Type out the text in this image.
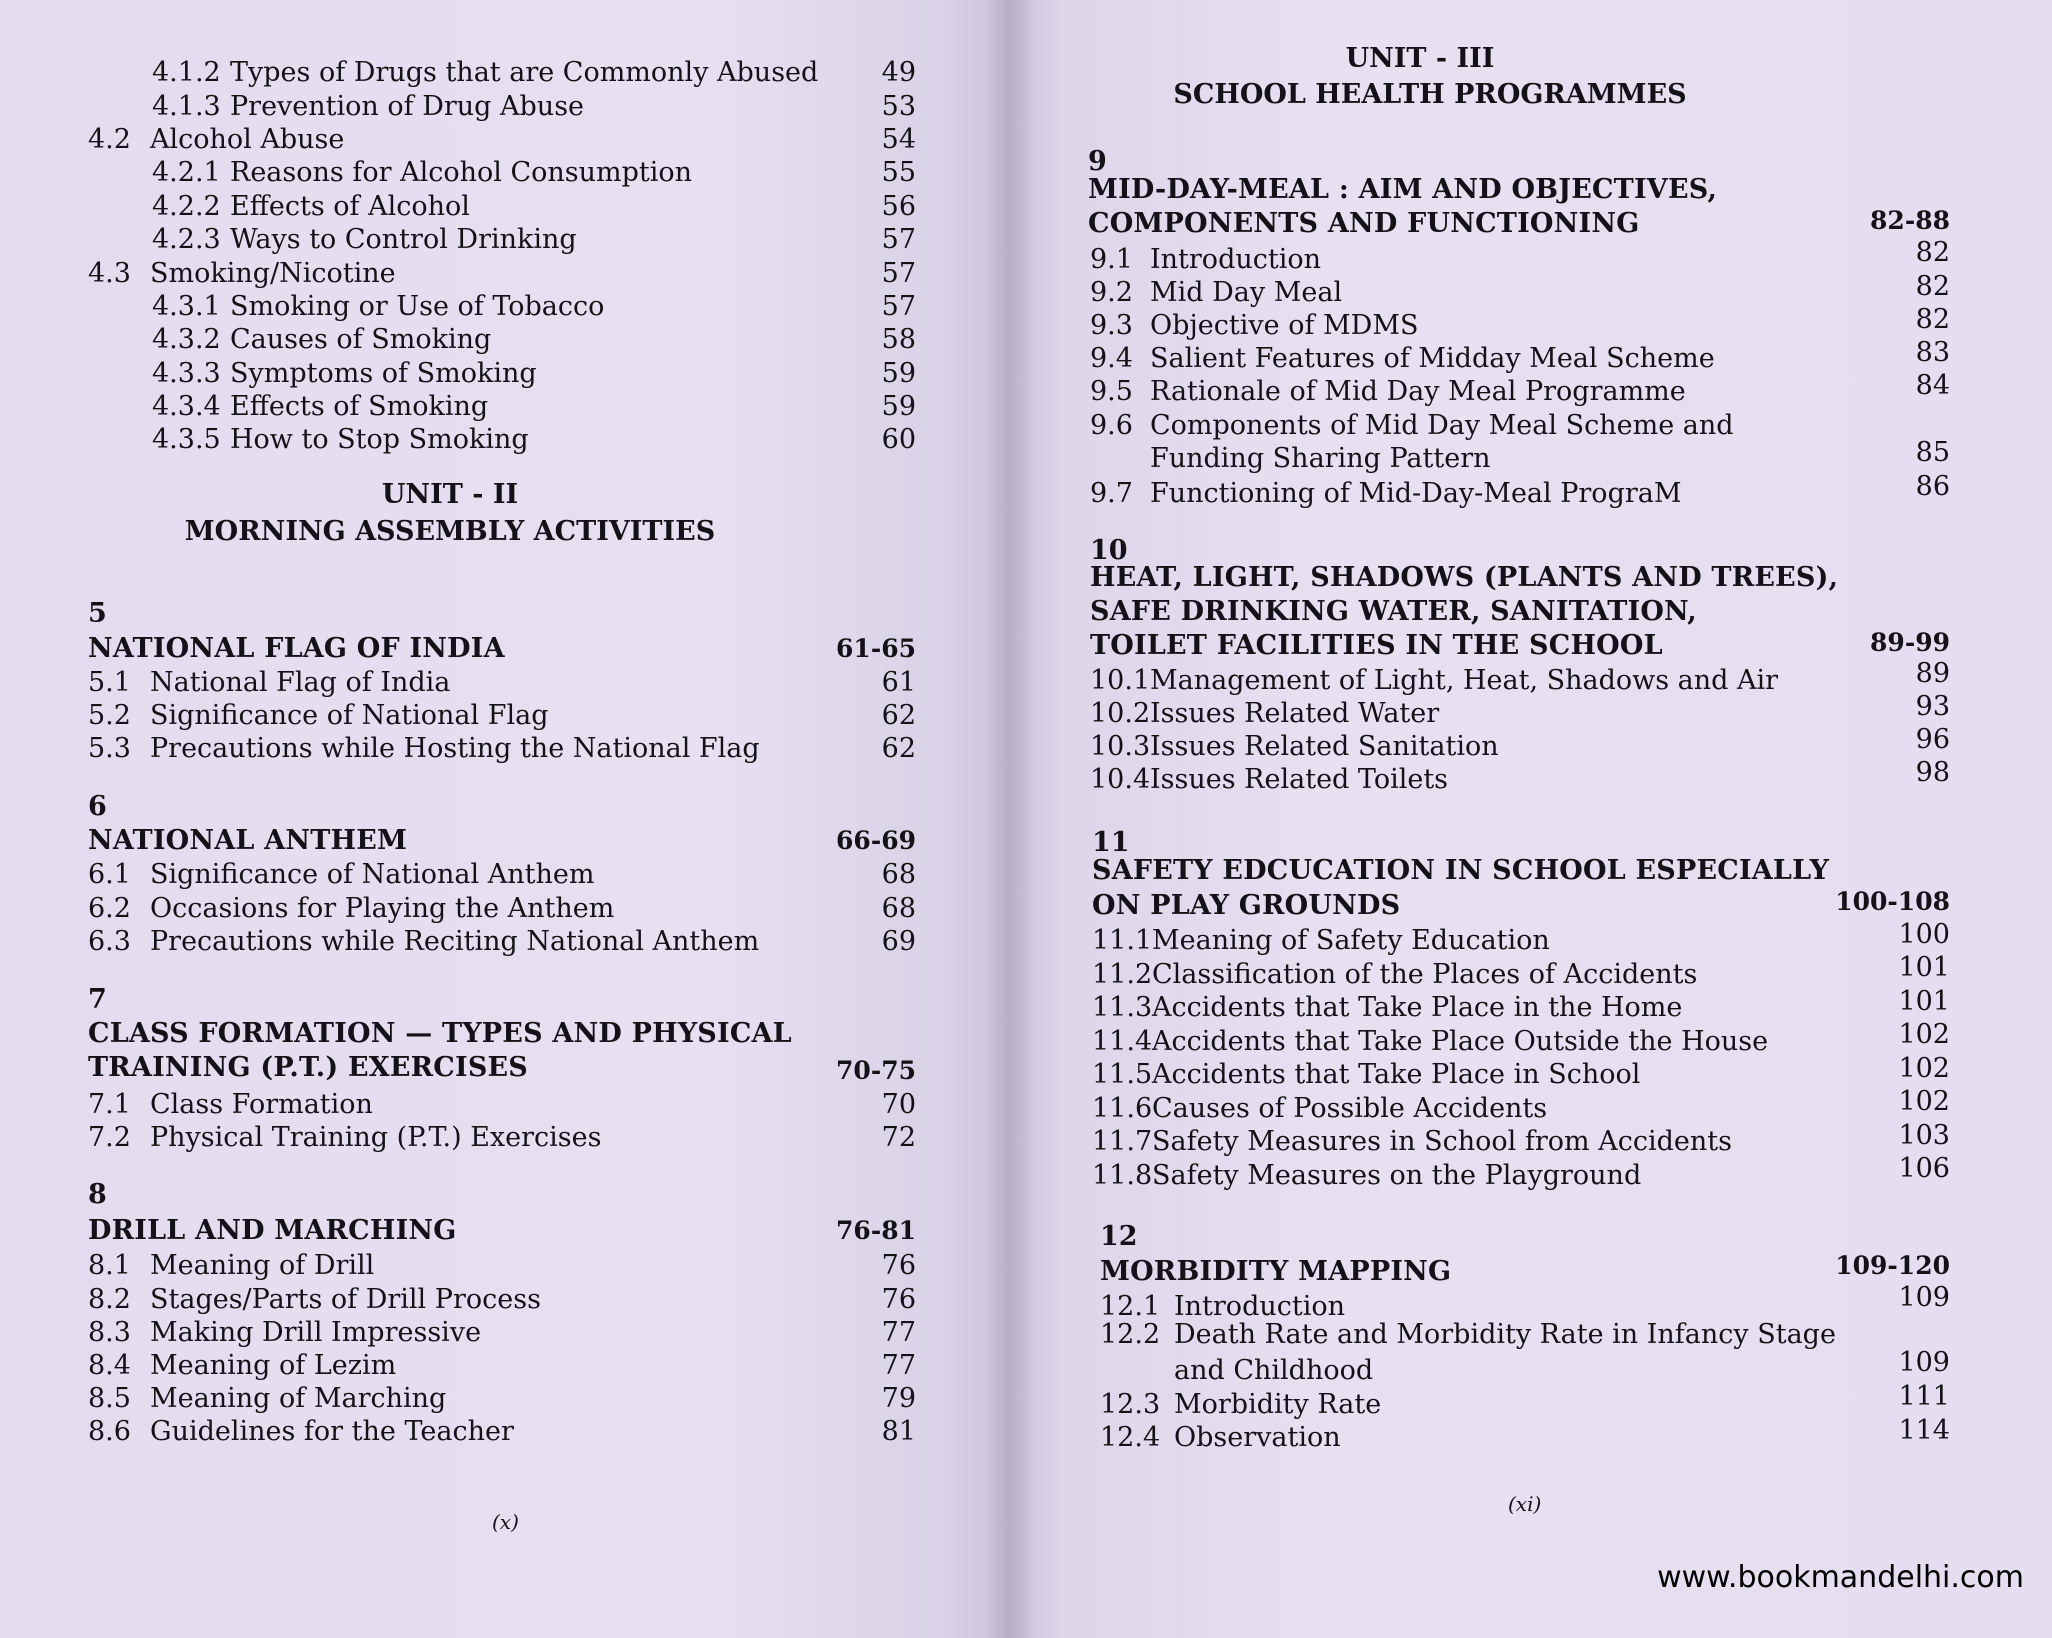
4.1.2 Types of Drugs that are Commonly Abused 49
4.1.3 Prevention of Drug Abuse	53
4.2 Alcohol Abuse	54
4.2.1 Reasons for Alcohol Consumption	55
4.2.2 Effects of Alcohol	56
4.2.3 Ways to Control Drinking	57
4.3 Smoking/Nicotine	57
4.3.1 Smoking or Use of Tobacco	57
4.3.2 Causes of Smoking	58
4.3.3 Symptoms of Smoking	59
4.3.4 Effects of Smoking	59
4.3.5 How to Stop Smoking	60
UNIT - II
MORNING ASSEMBLY ACTIVITIES
5
NATIONAL FLAG OF INDIA	61-65
5.1 National Flag of India	61
5.2 Significance of National Flag	62
5.3 Precautions while Hosting the National Flag	62
6
NATIONAL ANTHEM	66-69
6.1 Significance of National Anthem	68
6.2 Occasions for Playing the Anthem	68
6.3 Precautions while Reciting National Anthem	69
7
CLASS FORMATION — TYPES AND PHYSICAL
TRAINING (P.T.) EXERCISES	70-75
7.1 Class Formation	70
7.2 Physical Training (P.T.) Exercises	72
8
DRILL AND MARCHING	76-81
8.1 Meaning of Drill	76
8.2 Stages/Parts of Drill Process	76
8.3 Making Drill Impressive	77
8.4 Meaning of Lezim	77
8.5 Meaning of Marching	79
8.6 Guidelines for the Teacher	81
(x)
UNIT - III
SCHOOL HEALTH PROGRAMMES
9
MID-DAY-MEAL : AIM AND OBJECTIVES,
COMPONENTS AND FUNCTIONING	82-88
9.1 Introduction	82
9.2 Mid Day Meal	82
9.3 Objective of MDMS	82
9.4 Salient Features of Midday Meal Scheme	83
9.5 Rationale of Mid Day Meal Programme	84
9.6 Components of Mid Day Meal Scheme and
Funding Sharing Pattern	85
9.7 Functioning of Mid-Day-Meal PrograM	86
10
HEAT, LIGHT, SHADOWS (PLANTS AND TREES),
SAFE DRINKING WATER, SANITATION,
TOILET FACILITIES IN THE SCHOOL	89-99
10.1Management of Light, Heat, Shadows and Air	89
10.2Issues Related Water	93
10.3Issues Related Sanitation	96
10.4Issues Related Toilets	98
11
SAFETY EDCUCATION IN SCHOOL ESPECIALLY
ON PLAY GROUNDS	100-108
11.1Meaning of Safety Education	100
11.2Classification of the Places of Accidents	101
11.3Accidents that Take Place in the Home	101
11.4Accidents that Take Place Outside the House	102
11.5Accidents that Take Place in School	102
11.6Causes of Possible Accidents	102
11.7Safety Measures in School from Accidents	103
11.8Safety Measures on the Playground	106
12
MORBIDITY MAPPING	109-120
12.1 Introduction	109
12.2 Death Rate and Morbidity Rate in Infancy Stage
and Childhood	109
12.3 Morbidity Rate	111
12.4 Observation	114
(xi)
www.bookmandelhi.com
